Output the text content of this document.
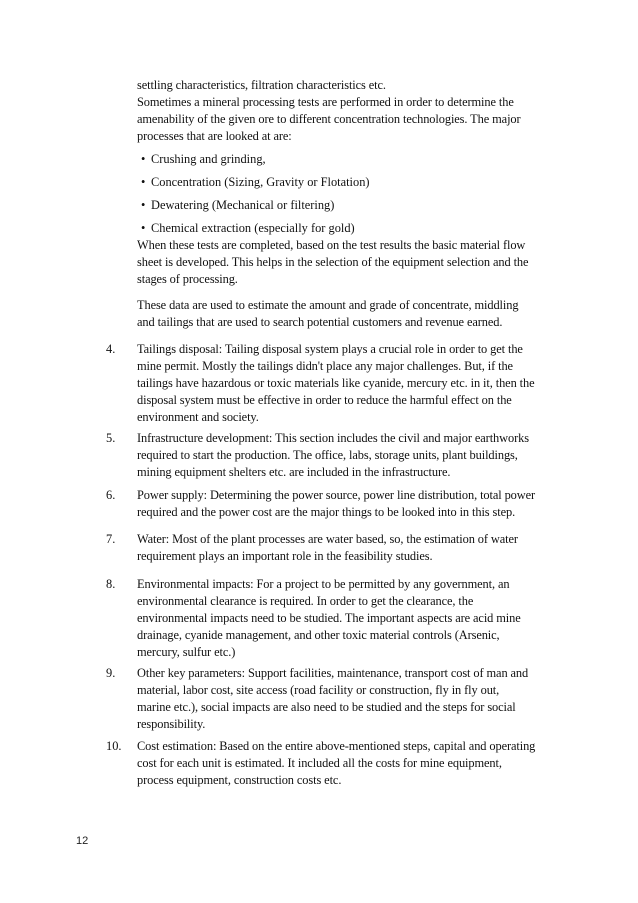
settling characteristics, filtration characteristics etc.
Sometimes a mineral processing tests are performed in order to determine the
amenability of the given ore to different concentration technologies. The major
processes that are looked at are:
• Crushing and grinding,
• Concentration (Sizing, Gravity or Flotation)
• Dewatering (Mechanical or filtering)
• Chemical extraction (especially for gold)
When these tests are completed, based on the test results the basic material flow
sheet is developed. This helps in the selection of the equipment selection and the
stages of processing.
These data are used to estimate the amount and grade of concentrate, middling
and tailings that are used to search potential customers and revenue earned.
4. Tailings disposal: Tailing disposal system plays a crucial role in order to get the
mine permit. Mostly the tailings didn't place any major challenges. But, if the
tailings have hazardous or toxic materials like cyanide, mercury etc. in it, then the
disposal system must be effective in order to reduce the harmful effect on the
environment and society.
5. Infrastructure development: This section includes the civil and major earthworks
required to start the production. The office, labs, storage units, plant buildings,
mining equipment shelters etc. are included in the infrastructure.
6. Power supply: Determining the power source, power line distribution, total power
required and the power cost are the major things to be looked into in this step.
7. Water: Most of the plant processes are water based, so, the estimation of water
requirement plays an important role in the feasibility studies.
8. Environmental impacts: For a project to be permitted by any government, an
environmental clearance is required. In order to get the clearance, the
environmental impacts need to be studied. The important aspects are acid mine
drainage, cyanide management, and other toxic material controls (Arsenic,
mercury, sulfur etc.)
9. Other key parameters: Support facilities, maintenance, transport cost of man and
material, labor cost, site access (road facility or construction, fly in fly out,
marine etc.), social impacts are also need to be studied and the steps for social
responsibility.
10. Cost estimation: Based on the entire above-mentioned steps, capital and operating
cost for each unit is estimated. It included all the costs for mine equipment,
process equipment, construction costs etc.
12
